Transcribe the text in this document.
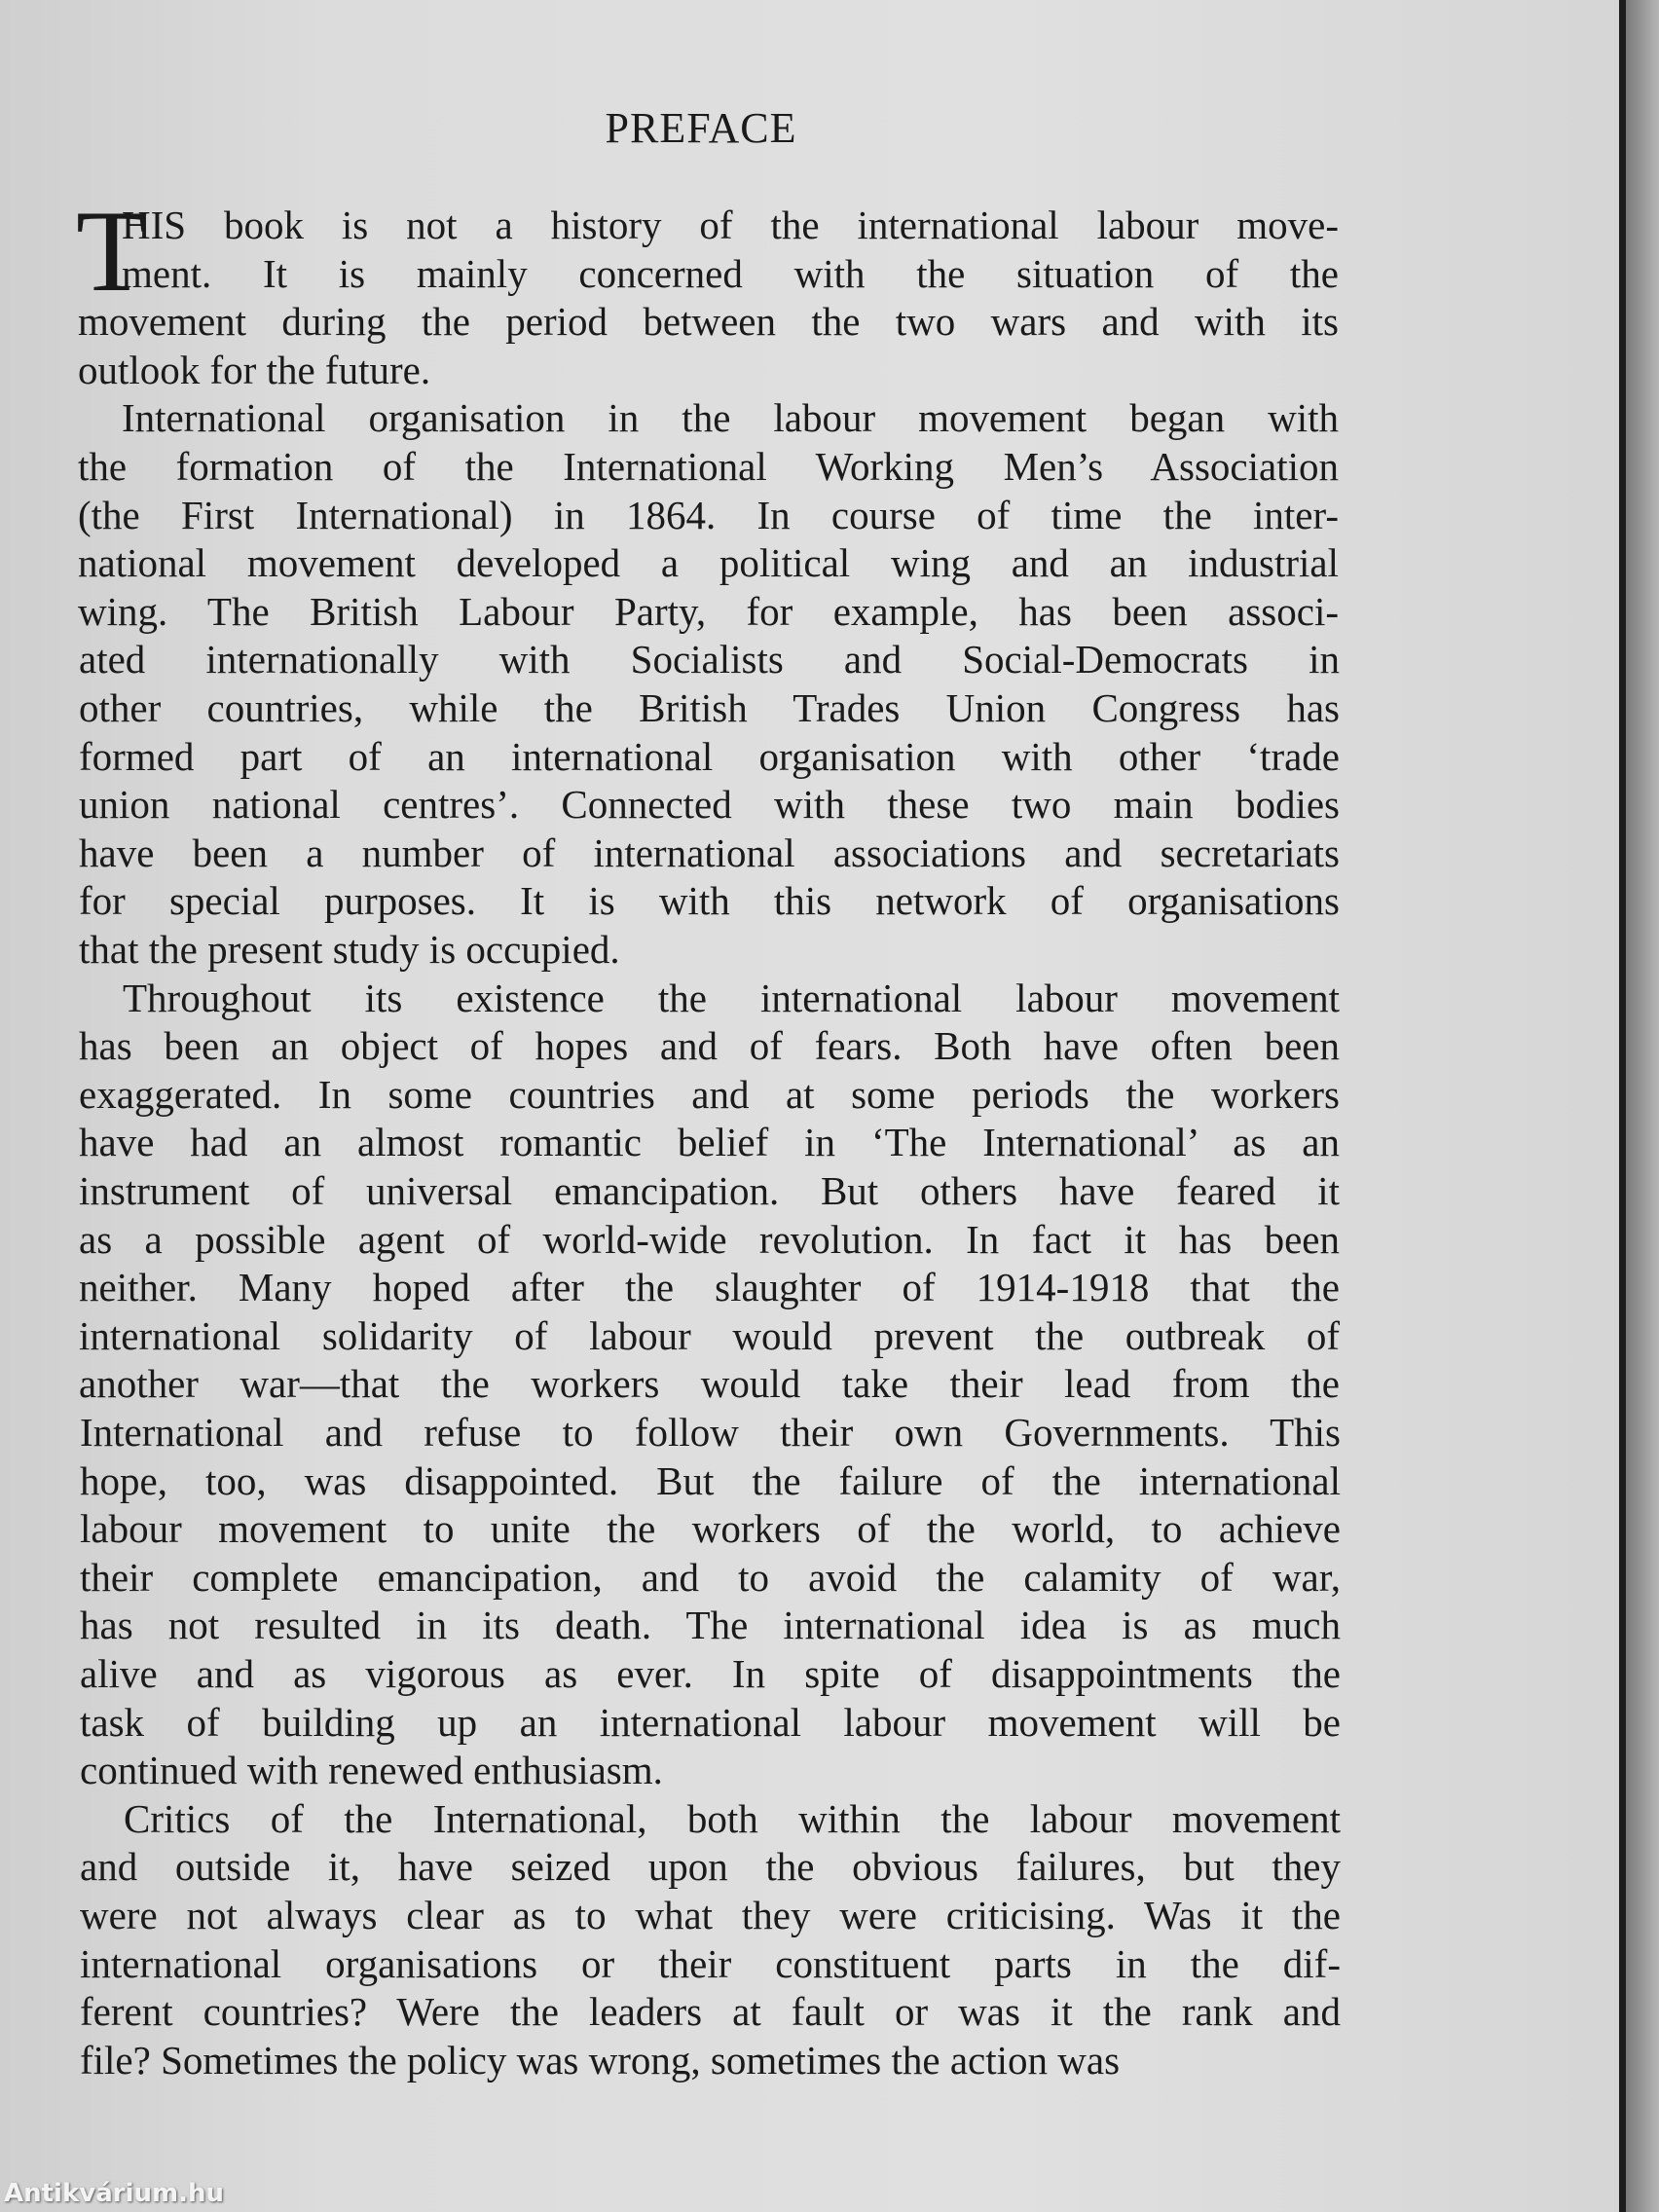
PREFACE
T
HIS book is not a history of the international labour move-
ment. It is mainly concerned with the situation of the
movement during the period between the two wars and with its
outlook for the future.
International organisation in the labour movement began with
the formation of the International Working Men’s Association
(the First International) in 1864. In course of time the inter-
national movement developed a political wing and an industrial
wing. The British Labour Party, for example, has been associ-
ated internationally with Socialists and Social-Democrats in
other countries, while the British Trades Union Congress has
formed part of an international organisation with other ‘trade
union national centres’. Connected with these two main bodies
have been a number of international associations and secretariats
for special purposes. It is with this network of organisations
that the present study is occupied.
Throughout its existence the international labour movement
has been an object of hopes and of fears. Both have often been
exaggerated. In some countries and at some periods the workers
have had an almost romantic belief in ‘The International’ as an
instrument of universal emancipation. But others have feared it
as a possible agent of world-wide revolution. In fact it has been
neither. Many hoped after the slaughter of 1914-1918 that the
international solidarity of labour would prevent the outbreak of
another war—that the workers would take their lead from the
International and refuse to follow their own Governments. This
hope, too, was disappointed. But the failure of the international
labour movement to unite the workers of the world, to achieve
their complete emancipation, and to avoid the calamity of war,
has not resulted in its death. The international idea is as much
alive and as vigorous as ever. In spite of disappointments the
task of building up an international labour movement will be
continued with renewed enthusiasm.
Critics of the International, both within the labour movement
and outside it, have seized upon the obvious failures, but they
were not always clear as to what they were criticising. Was it the
international organisations or their constituent parts in the dif-
ferent countries? Were the leaders at fault or was it the rank and
file? Sometimes the policy was wrong, sometimes the action was
Antikvárium.hu
